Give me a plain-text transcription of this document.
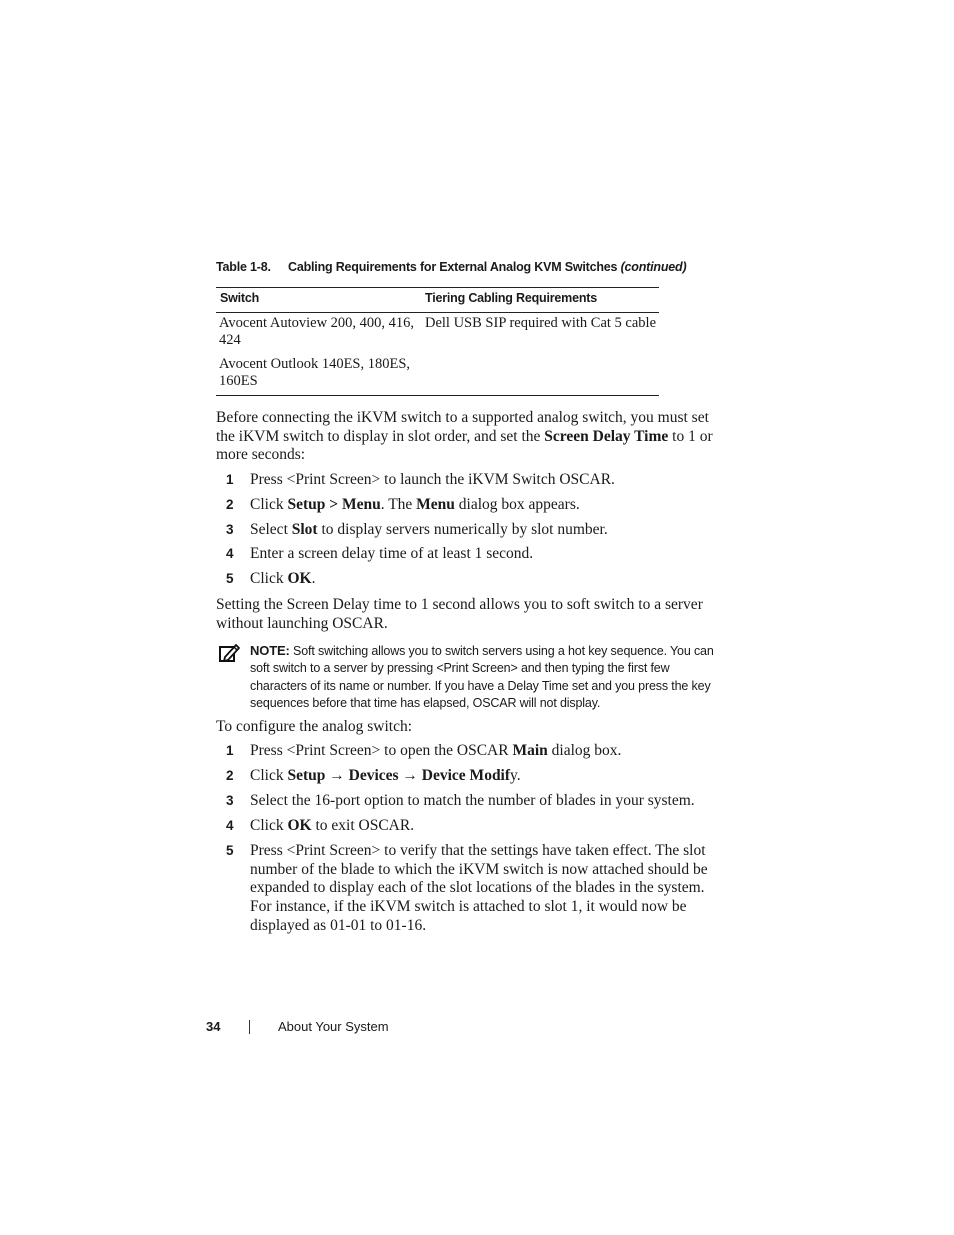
Table 1-8. Cabling Requirements for External Analog KVM Switches (continued)
Switch	Tiering Cabling Requirements
Avocent Autoview 200, 400, 416, 424
Dell USB SIP required with Cat 5 cable
Avocent Outlook 140ES, 180ES, 160ES
Before connecting the iKVM switch to a supported analog switch, you must set the iKVM switch to display in slot order, and set the Screen Delay Time to 1 or more seconds:
1 Press <Print Screen> to launch the iKVM Switch OSCAR.
2 Click Setup > Menu. The Menu dialog box appears.
3 Select Slot to display servers numerically by slot number.
4 Enter a screen delay time of at least 1 second.
5 Click OK.
Setting the Screen Delay time to 1 second allows you to soft switch to a server without launching OSCAR.
NOTE: Soft switching allows you to switch servers using a hot key sequence. You can soft switch to a server by pressing <Print Screen> and then typing the first few characters of its name or number. If you have a Delay Time set and you press the key sequences before that time has elapsed, OSCAR will not display.
To configure the analog switch:
1 Press <Print Screen> to open the OSCAR Main dialog box.
2 Click Setup → Devices → Device Modify.
3 Select the 16-port option to match the number of blades in your system.
4 Click OK to exit OSCAR.
5 Press <Print Screen> to verify that the settings have taken effect. The slot number of the blade to which the iKVM switch is now attached should be expanded to display each of the slot locations of the blades in the system. For instance, if the iKVM switch is attached to slot 1, it would now be displayed as 01-01 to 01-16.
34	About Your System
